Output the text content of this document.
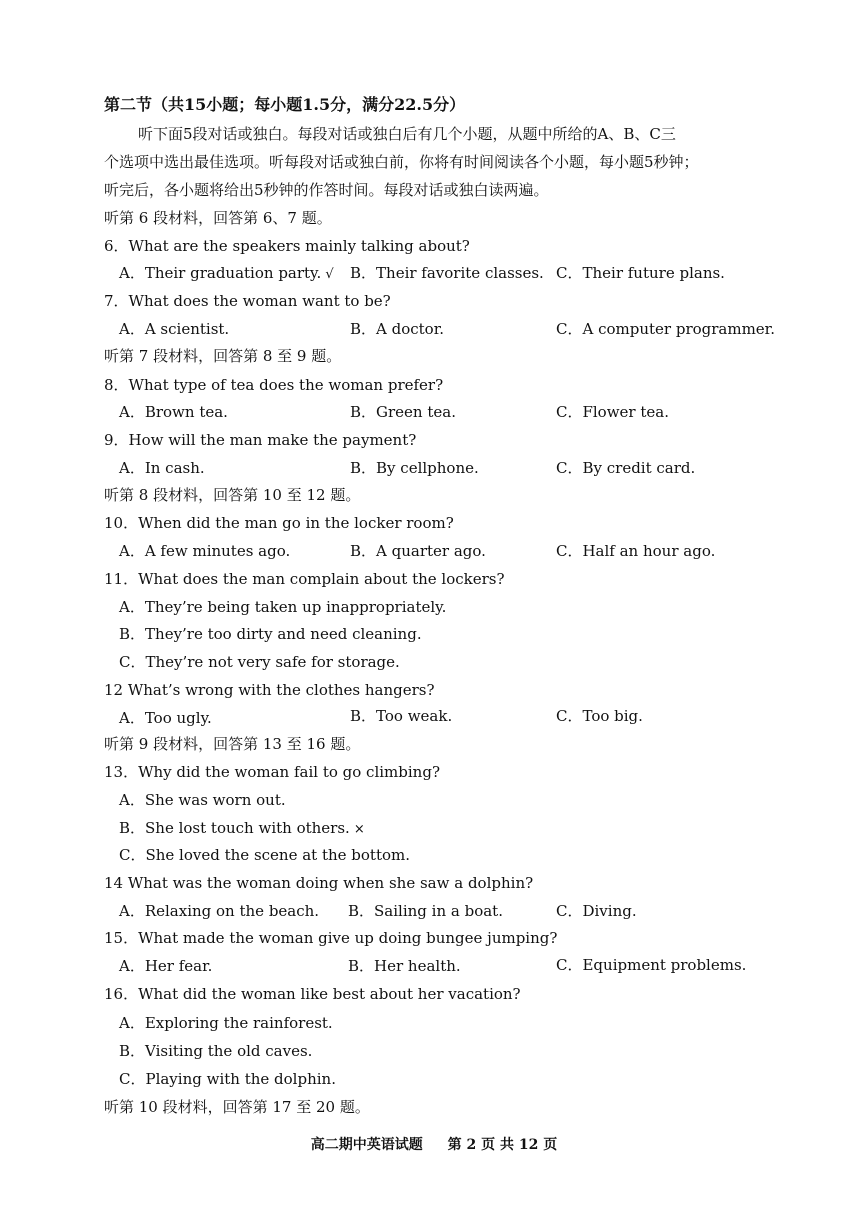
第二节（共15小题；每小题1.5分，满分22.5分）
听下面5段对话或独白。每段对话或独白后有几个小题，从题中所给的A、B、C三
个选项中选出最佳选项。听每段对话或独白前，你将有时间阅读各个小题，每小题5秒钟；
听完后，各小题将给出5秒钟的作答时间。每段对话或独白读两遍。
听第 6 段材料，回答第 6、7 题。
6．What are the speakers mainly talking about?
A．Their graduation party. √ B．Their favorite classes. C．Their future plans.
7．What does the woman want to be?
A．A scientist.	B．A doctor.	C．A computer programmer.
听第 7 段材料，回答第 8 至 9 题。
8．What type of tea does the woman prefer?
A．Brown tea.	B．Green tea.	C．Flower tea.
9．How will the man make the payment?
A．In cash.	B．By cellphone.	C．By credit card.
听第 8 段材料，回答第 10 至 12 题。
10．When did the man go in the locker room?
A．A few minutes ago.	B．A quarter ago.	C．Half an hour ago.
11．What does the man complain about the lockers?
A．They’re being taken up inappropriately.
B．They’re too dirty and need cleaning.
C．They’re not very safe for storage.
12 What’s wrong with the clothes hangers?
A．Too ugly.	B．Too weak.	C．Too big.
听第 9 段材料，回答第 13 至 16 题。
13．Why did the woman fail to go climbing?
A．She was worn out.
B．She lost touch with others. ×
C．She loved the scene at the bottom.
14 What was the woman doing when she saw a dolphin?
A．Relaxing on the beach. B．Sailing in a boat.	C．Diving.
15．What made the woman give up doing bungee jumping?
A．Her fear.	B．Her health.	C．Equipment problems.
16．What did the woman like best about her vacation?
A．Exploring the rainforest.
B．Visiting the old caves.
C．Playing with the dolphin.
听第 10 段材料，回答第 17 至 20 题。
高二期中英语试题 第 2 页 共 12 页
